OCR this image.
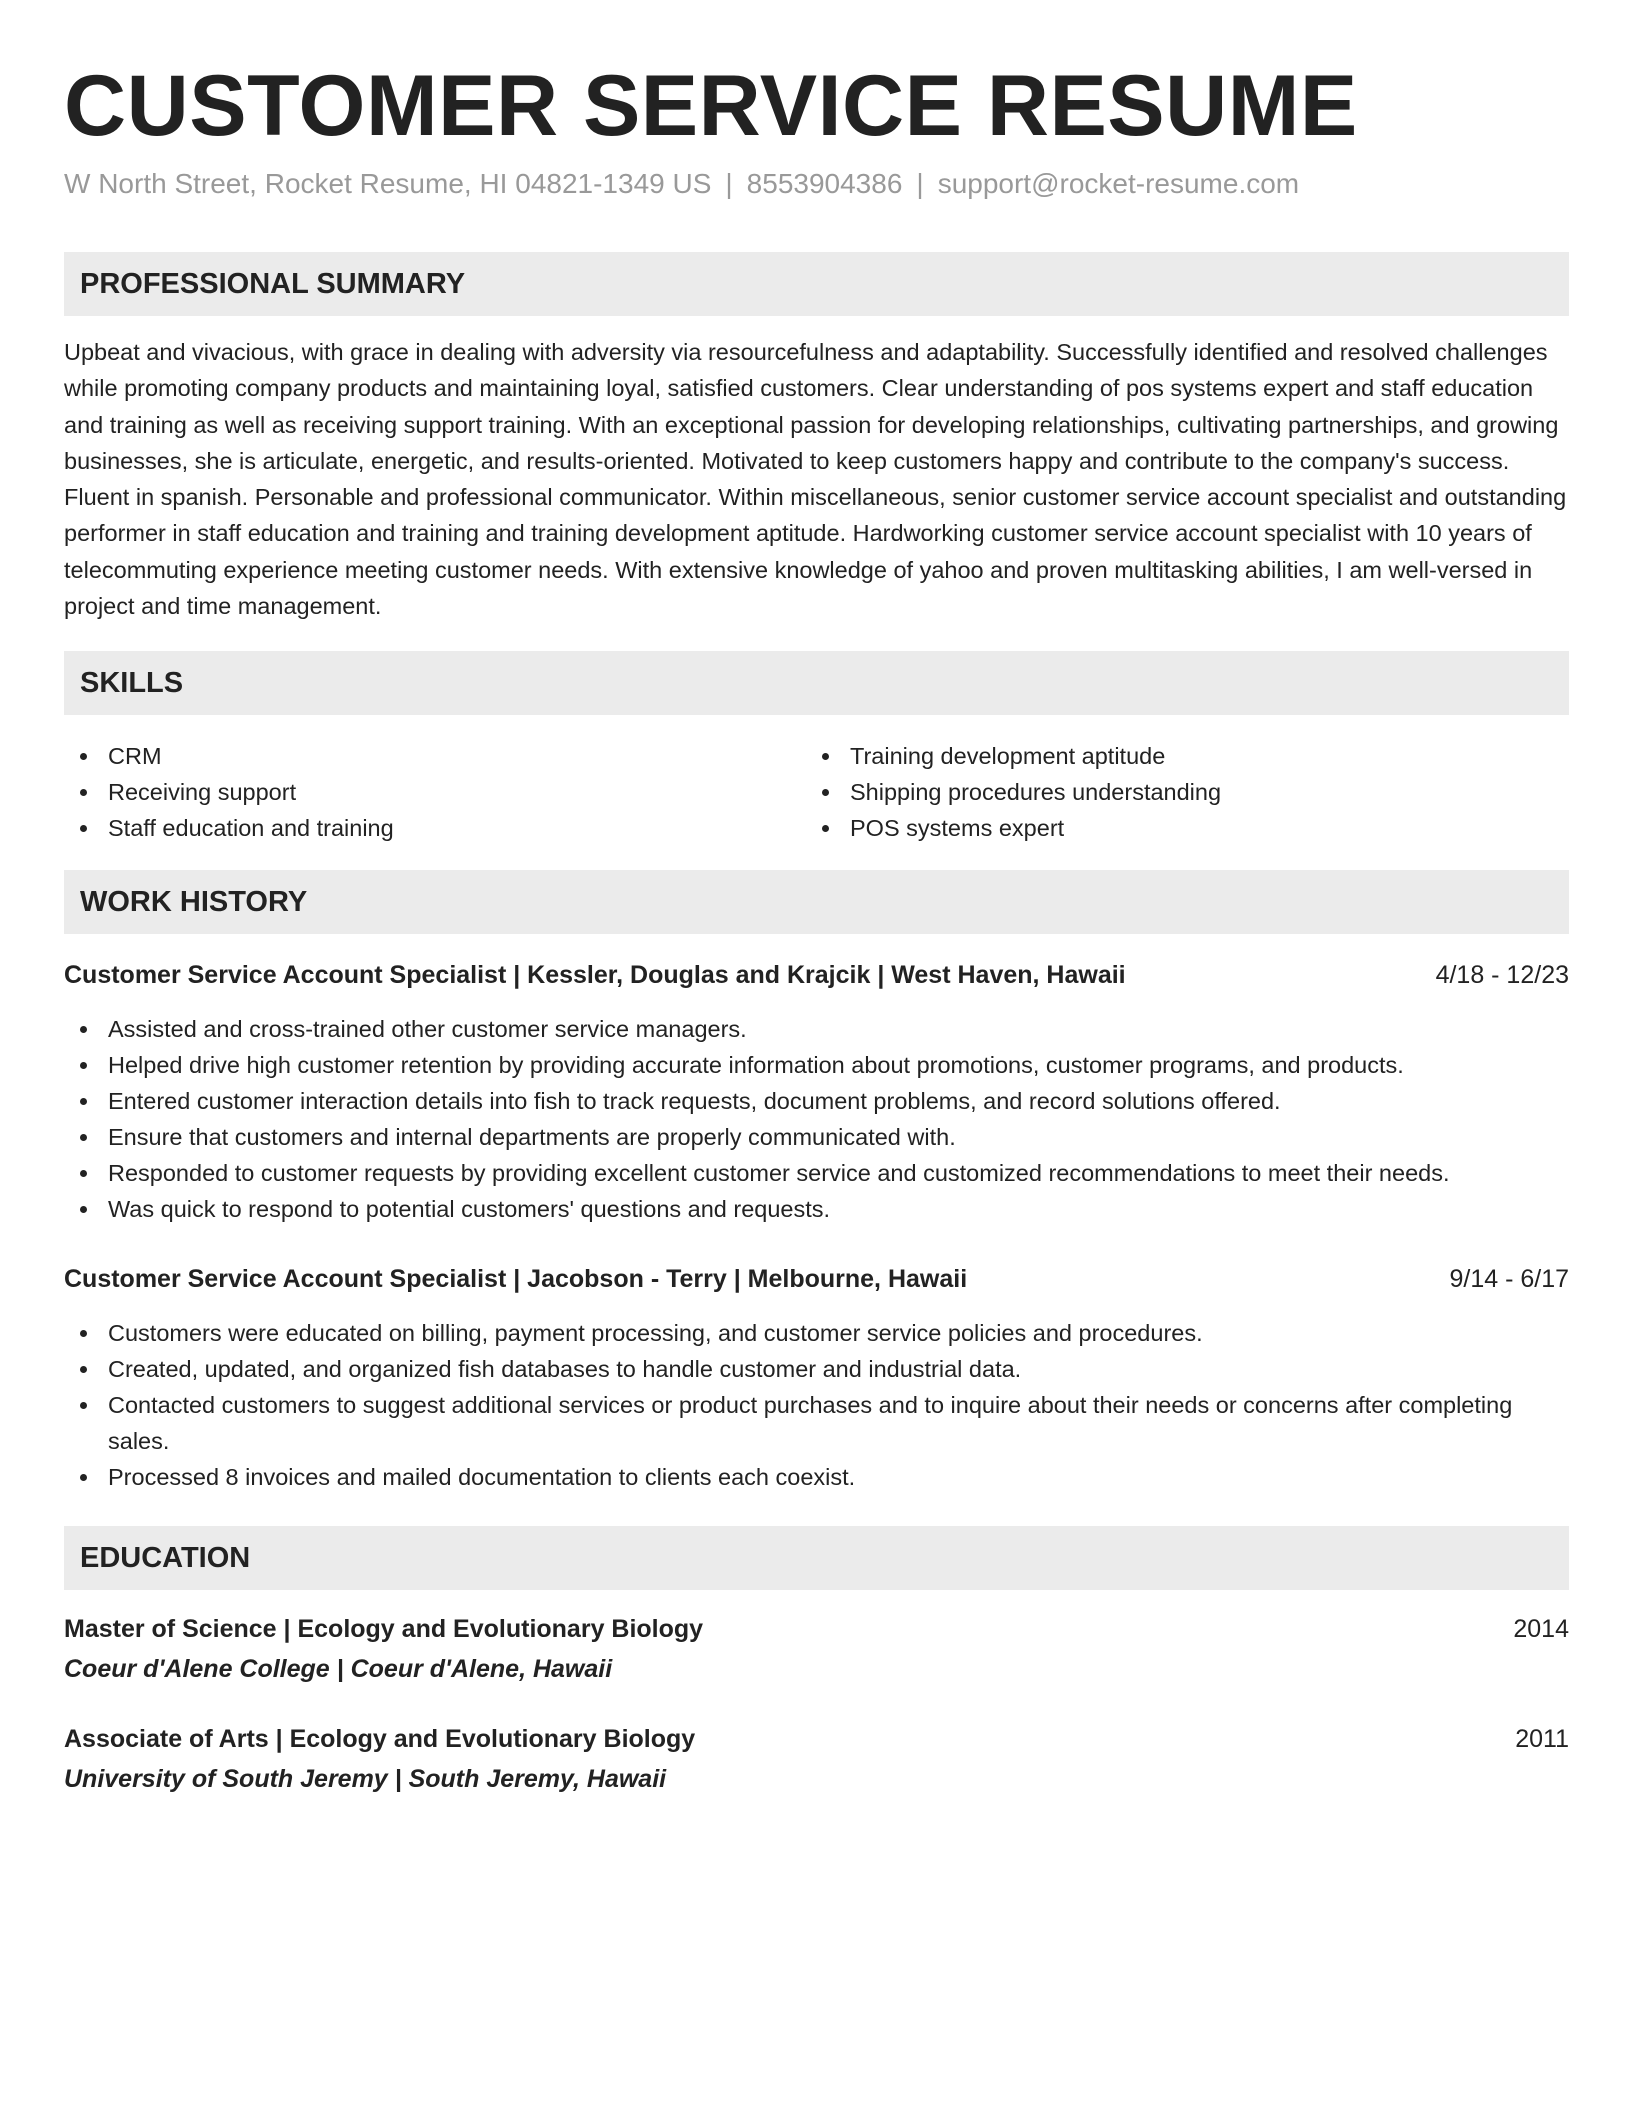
CUSTOMER SERVICE RESUME
W North Street, Rocket Resume, HI 04821-1349 US | 8553904386 | support@rocket-resume.com
PROFESSIONAL SUMMARY

Upbeat and vivacious, with grace in dealing with adversity via resourcefulness and adaptability. Successfully identified and resolved challenges while promoting company products and maintaining loyal, satisfied customers. Clear understanding of pos systems expert and staff education and training as well as receiving support training. With an exceptional passion for developing relationships, cultivating partnerships, and growing businesses, she is articulate, energetic, and results-oriented. Motivated to keep customers happy and contribute to the company's success. Fluent in spanish. Personable and professional communicator. Within miscellaneous, senior customer service account specialist and outstanding performer in staff education and training and training development aptitude. Hardworking customer service account specialist with 10 years of telecommuting experience meeting customer needs. With extensive knowledge of yahoo and proven multitasking abilities, I am well-versed in project and time management.

SKILLS
CRM
Receiving support
Staff education and training
Training development aptitude
Shipping procedures understanding
POS systems expert
WORK HISTORY
Customer Service Account Specialist | Kessler, Douglas and Krajcik | West Haven, Hawaii	4/18 - 12/23
Assisted and cross-trained other customer service managers.
Helped drive high customer retention by providing accurate information about promotions, customer programs, and products.
Entered customer interaction details into fish to track requests, document problems, and record solutions offered.
Ensure that customers and internal departments are properly communicated with.
Responded to customer requests by providing excellent customer service and customized recommendations to meet their needs.
Was quick to respond to potential customers' questions and requests.
Customer Service Account Specialist | Jacobson - Terry | Melbourne, Hawaii	9/14 - 6/17
Customers were educated on billing, payment processing, and customer service policies and procedures.
Created, updated, and organized fish databases to handle customer and industrial data.
Contacted customers to suggest additional services or product purchases and to inquire about their needs or concerns after completing sales.
Processed 8 invoices and mailed documentation to clients each coexist.
EDUCATION
Master of Science | Ecology and Evolutionary Biology	2014
Coeur d'Alene College | Coeur d'Alene, Hawaii
Associate of Arts | Ecology and Evolutionary Biology	2011
University of South Jeremy | South Jeremy, Hawaii
